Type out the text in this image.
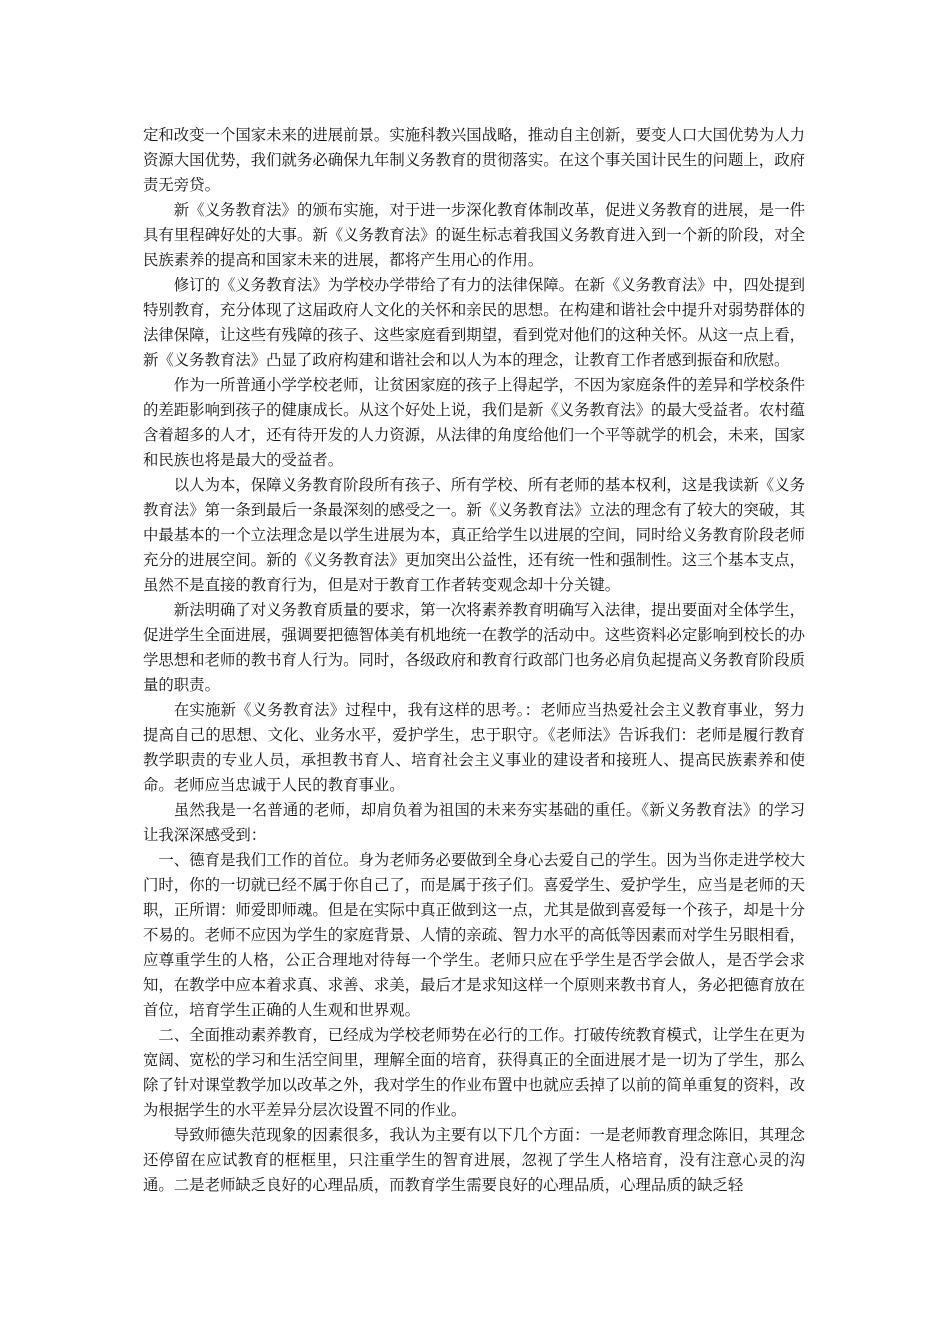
定和改变一个国家未来的进展前景。实施科教兴国战略，推动自主创新，要变人口大国优势为人力资源大国优势，我们就务必确保九年制义务教育的贯彻落实。在这个事关国计民生的问题上，政府责无旁贷。

新《义务教育法》的颁布实施，对于进一步深化教育体制改革，促进义务教育的进展，是一件具有里程碑好处的大事。新《义务教育法》的诞生标志着我国义务教育进入到一个新的阶段，对全民族素养的提高和国家未来的进展，都将产生用心的作用。

修订的《义务教育法》为学校办学带给了有力的法律保障。在新《义务教育法》中，四处提到特别教育，充分体现了这届政府人文化的关怀和亲民的思想。在构建和谐社会中提升对弱势群体的法律保障，让这些有残障的孩子、这些家庭看到期望，看到党对他们的这种关怀。从这一点上看，新《义务教育法》凸显了政府构建和谐社会和以人为本的理念，让教育工作者感到振奋和欣慰。

作为一所普通小学学校老师，让贫困家庭的孩子上得起学，不因为家庭条件的差异和学校条件的差距影响到孩子的健康成长。从这个好处上说，我们是新《义务教育法》的最大受益者。农村蕴含着超多的人才，还有待开发的人力资源，从法律的角度给他们一个平等就学的机会，未来，国家和民族也将是最大的受益者。

以人为本，保障义务教育阶段所有孩子、所有学校、所有老师的基本权利，这是我读新《义务教育法》第一条到最后一条最深刻的感受之一。新《义务教育法》立法的理念有了较大的突破，其中最基本的一个立法理念是以学生进展为本，真正给学生以进展的空间，同时给义务教育阶段老师充分的进展空间。新的《义务教育法》更加突出公益性，还有统一性和强制性。这三个基本支点，虽然不是直接的教育行为，但是对于教育工作者转变观念却十分关键。

新法明确了对义务教育质量的要求，第一次将素养教育明确写入法律，提出要面对全体学生，促进学生全面进展，强调要把德智体美有机地统一在教学的活动中。这些资料必定影响到校长的办学思想和老师的教书育人行为。同时，各级政府和教育行政部门也务必肩负起提高义务教育阶段质量的职责。

在实施新《义务教育法》过程中，我有这样的思考。：老师应当热爱社会主义教育事业，努力提高自己的思想、文化、业务水平，爱护学生，忠于职守。《老师法》告诉我们：老师是履行教育教学职责的专业人员，承担教书育人、培育社会主义事业的建设者和接班人、提高民族素养和使命。老师应当忠诚于人民的教育事业。

虽然我是一名普通的老师，却肩负着为祖国的未来夯实基础的重任。《新义务教育法》的学习让我深深感受到：

一、德育是我们工作的首位。身为老师务必要做到全身心去爱自己的学生。因为当你走进学校大门时，你的一切就已经不属于你自己了，而是属于孩子们。喜爱学生、爱护学生，应当是老师的天职，正所谓：师爱即师魂。但是在实际中真正做到这一点，尤其是做到喜爱每一个孩子，却是十分不易的。老师不应因为学生的家庭背景、人情的亲疏、智力水平的高低等因素而对学生另眼相看，应尊重学生的人格，公正合理地对待每一个学生。老师只应在乎学生是否学会做人，是否学会求知，在教学中应本着求真、求善、求美，最后才是求知这样一个原则来教书育人，务必把德育放在首位，培育学生正确的人生观和世界观。

二、全面推动素养教育，已经成为学校老师势在必行的工作。打破传统教育模式，让学生在更为宽阔、宽松的学习和生活空间里，理解全面的培育，获得真正的全面进展才是一切为了学生，那么除了针对课堂教学加以改革之外，我对学生的作业布置中也就应丢掉了以前的简单重复的资料，改为根据学生的水平差异分层次设置不同的作业。

导致师德失范现象的因素很多，我认为主要有以下几个方面：一是老师教育理念陈旧，其理念还停留在应试教育的框框里，只注重学生的智育进展，忽视了学生人格培育，没有注意心灵的沟通。二是老师缺乏良好的心理品质，而教育学生需要良好的心理品质，心理品质的缺乏轻
